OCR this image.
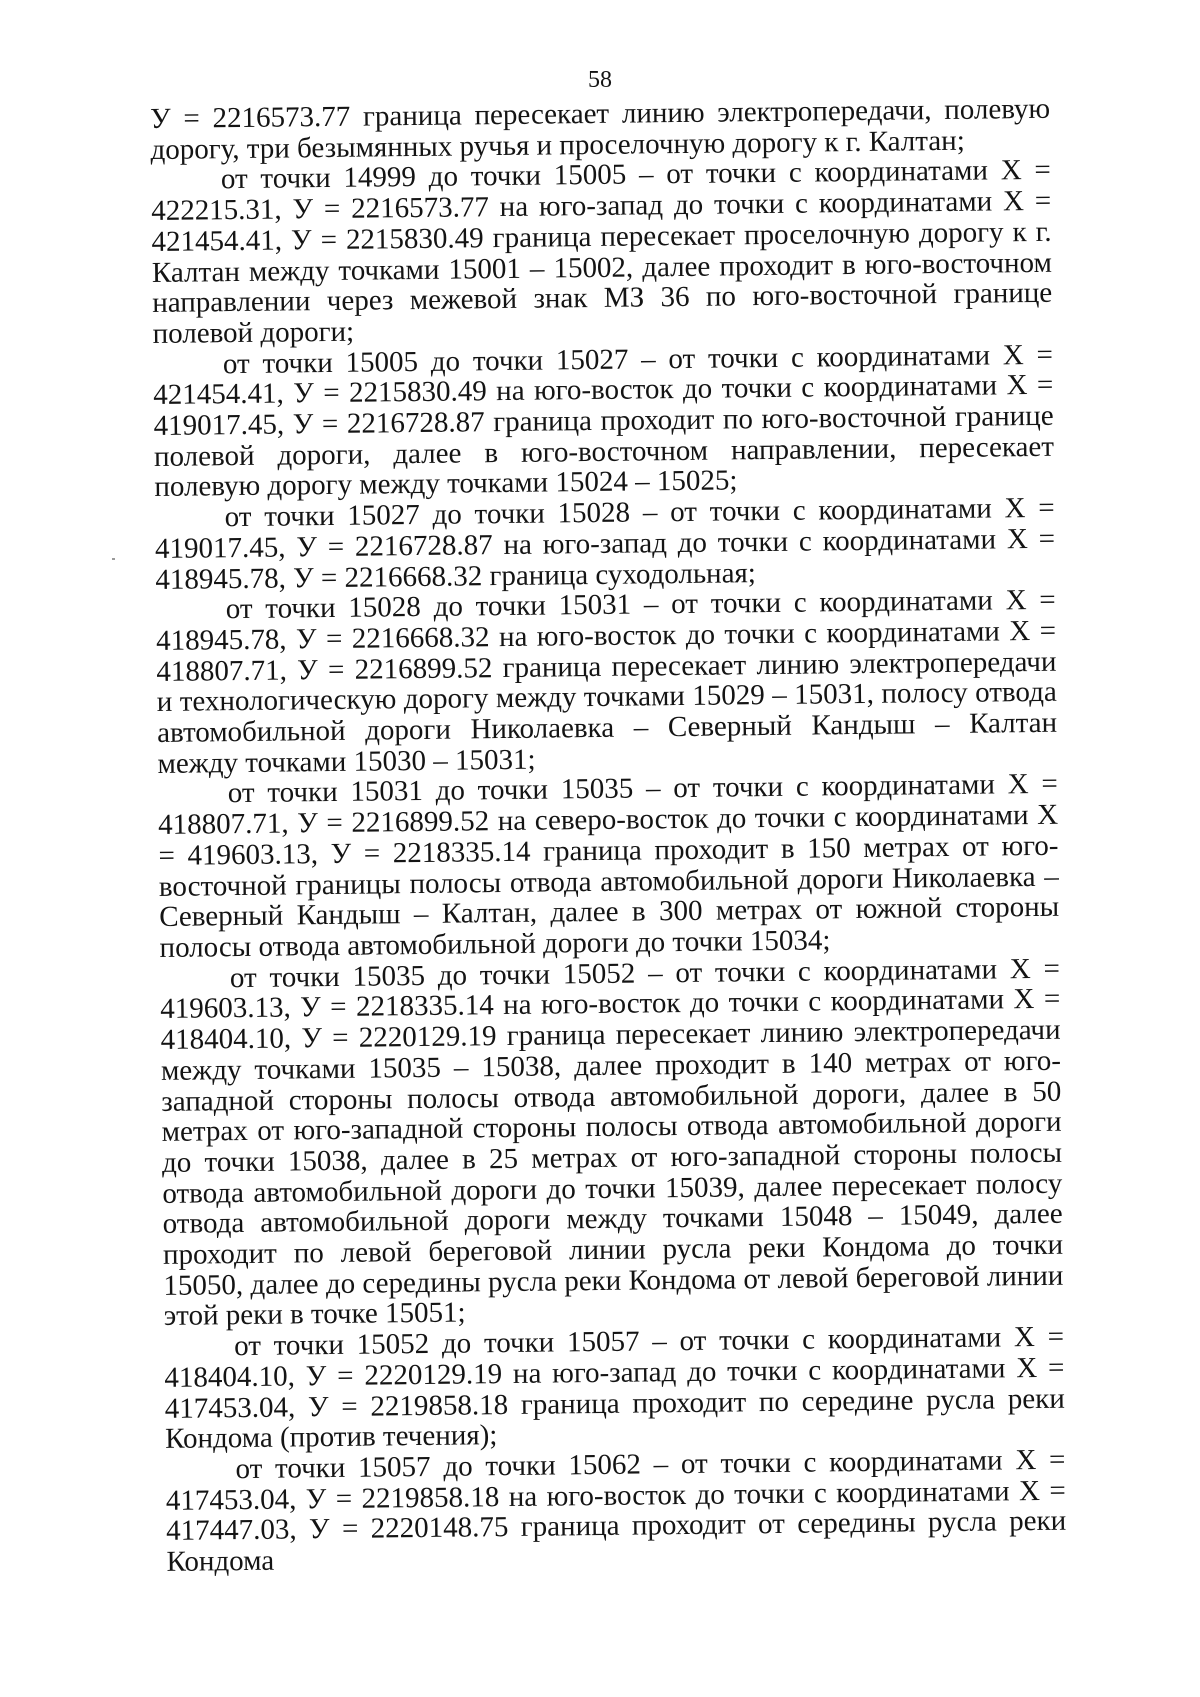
58

У = 2216573.77 граница пересекает линию электропередачи, полевую дорогу, три безымянных ручья и проселочную дорогу к г. Калтан;

от точки 14999 до точки 15005 – от точки с координатами Х = 422215.31, У = 2216573.77 на юго-запад до точки с координатами Х = 421454.41, У = 2215830.49 граница пересекает проселочную дорогу к г. Калтан между точками 15001 – 15002, далее проходит в юго-восточном направлении через межевой знак МЗ 36 по юго-восточной границе полевой дороги;

от точки 15005 до точки 15027 – от точки с координатами Х = 421454.41, У = 2215830.49 на юго-восток до точки с координатами Х = 419017.45, У = 2216728.87 граница проходит по юго-восточной границе полевой дороги, далее в юго-восточном направлении, пересекает полевую дорогу между точками 15024 – 15025;

от точки 15027 до точки 15028 – от точки с координатами Х = 419017.45, У = 2216728.87 на юго-запад до точки с координатами Х = 418945.78, У = 2216668.32 граница суходольная;

от точки 15028 до точки 15031 – от точки с координатами Х = 418945.78, У = 2216668.32 на юго-восток до точки с координатами Х = 418807.71, У = 2216899.52 граница пересекает линию электропередачи и технологическую дорогу между точками 15029 – 15031, полосу отвода автомобильной дороги Николаевка – Северный Кандыш – Калтан между точками 15030 – 15031;

от точки 15031 до точки 15035 – от точки с координатами Х = 418807.71, У = 2216899.52 на северо-восток до точки с координатами Х = 419603.13, У = 2218335.14 граница проходит в 150 метрах от юго-восточной границы полосы отвода автомобильной дороги Николаевка – Северный Кандыш – Калтан, далее в 300 метрах от южной стороны полосы отвода автомобильной дороги до точки 15034;

от точки 15035 до точки 15052 – от точки с координатами Х = 419603.13, У = 2218335.14 на юго-восток до точки с координатами Х = 418404.10, У = 2220129.19 граница пересекает линию электропередачи между точками 15035 – 15038, далее проходит в 140 метрах от юго-западной стороны полосы отвода автомобильной дороги, далее в 50 метрах от юго-западной стороны полосы отвода автомобильной дороги до точки 15038, далее в 25 метрах от юго-западной стороны полосы отвода автомобильной дороги до точки 15039, далее пересекает полосу отвода автомобильной дороги между точками 15048 – 15049, далее проходит по левой береговой линии русла реки Кондома до точки 15050, далее до середины русла реки Кондома от левой береговой линии этой реки в точке 15051;

от точки 15052 до точки 15057 – от точки с координатами Х = 418404.10, У = 2220129.19 на юго-запад до точки с координатами Х = 417453.04, У = 2219858.18 граница проходит по середине русла реки Кондома (против течения);

от точки 15057 до точки 15062 – от точки с координатами Х = 417453.04, У = 2219858.18 на юго-восток до точки с координатами Х = 417447.03, У = 2220148.75 граница проходит от середины русла реки Кондома
